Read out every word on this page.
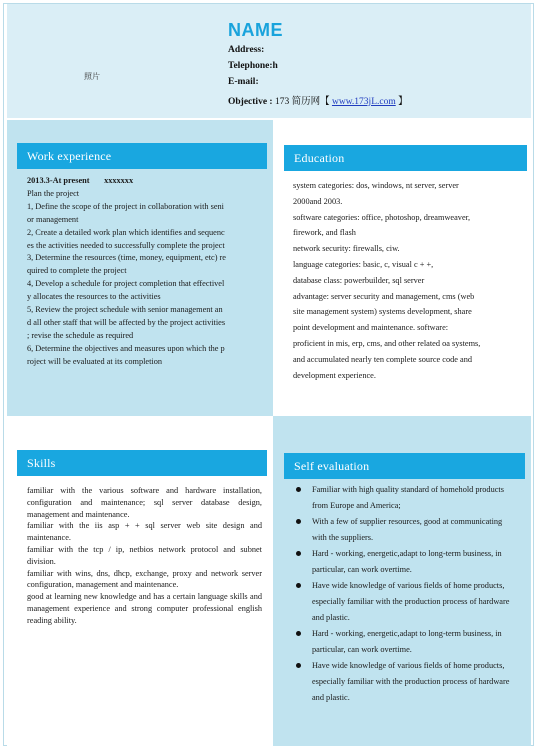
照片
NAME
Address:
Telephone:h
E-mail:
Objective : 173 简历网【 www.173jL.com 】
Work experience

2013.3-At present xxxxxxx

Plan the project

1, Define the scope of the project in collaboration with seni

or management

2, Create a detailed work plan which identifies and sequenc

es the activities needed to successfully complete the project

3, Determine the resources (time, money, equipment, etc) re

quired to complete the project

4, Develop a schedule for project completion that effectivel

y allocates the resources to the activities

5, Review the project schedule with senior management an

d all other staff that will be affected by the project activities

; revise the schedule as required

6, Determine the objectives and measures upon which the p

roject will be evaluated at its completion

Education

system categories: dos, windows, nt server, server

2000and 2003.

software categories: office, photoshop, dreamweaver,

firework, and flash

network security: firewalls, ciw.

language categories: basic, c, visual c + +,

database class: powerbuilder, sql server

advantage: server security and management, cms (web

site management system) systems development, share

point development and maintenance. software:

proficient in mis, erp, cms, and other related oa systems,

and accumulated nearly ten complete source code and

development experience.

Skills

familiar with the various software and hardware installation, configuration and maintenance; sql server database design, management and maintenance.

familiar with the iis asp + + sql server web site design and maintenance.

familiar with the tcp / ip, netbios network protocol and subnet division.

familiar with wins, dns, dhcp, exchange, proxy and network server configuration, management and maintenance.

good at learning new knowledge and has a certain language skills and management experience and strong computer professional english reading ability.

Self evaluation
Familiar with high quality standard of homehold products from Europe and America;
With a few of supplier resources, good at communicating with the suppliers.
Hard - working, energetic,adapt to long-term business, in particular, can work overtime.
Have wide knowledge of various fields of home products, especially familiar with the production process of hardware and plastic.
Hard - working, energetic,adapt to long-term business, in particular, can work overtime.
Have wide knowledge of various fields of home products, especially familiar with the production process of hardware and plastic.
